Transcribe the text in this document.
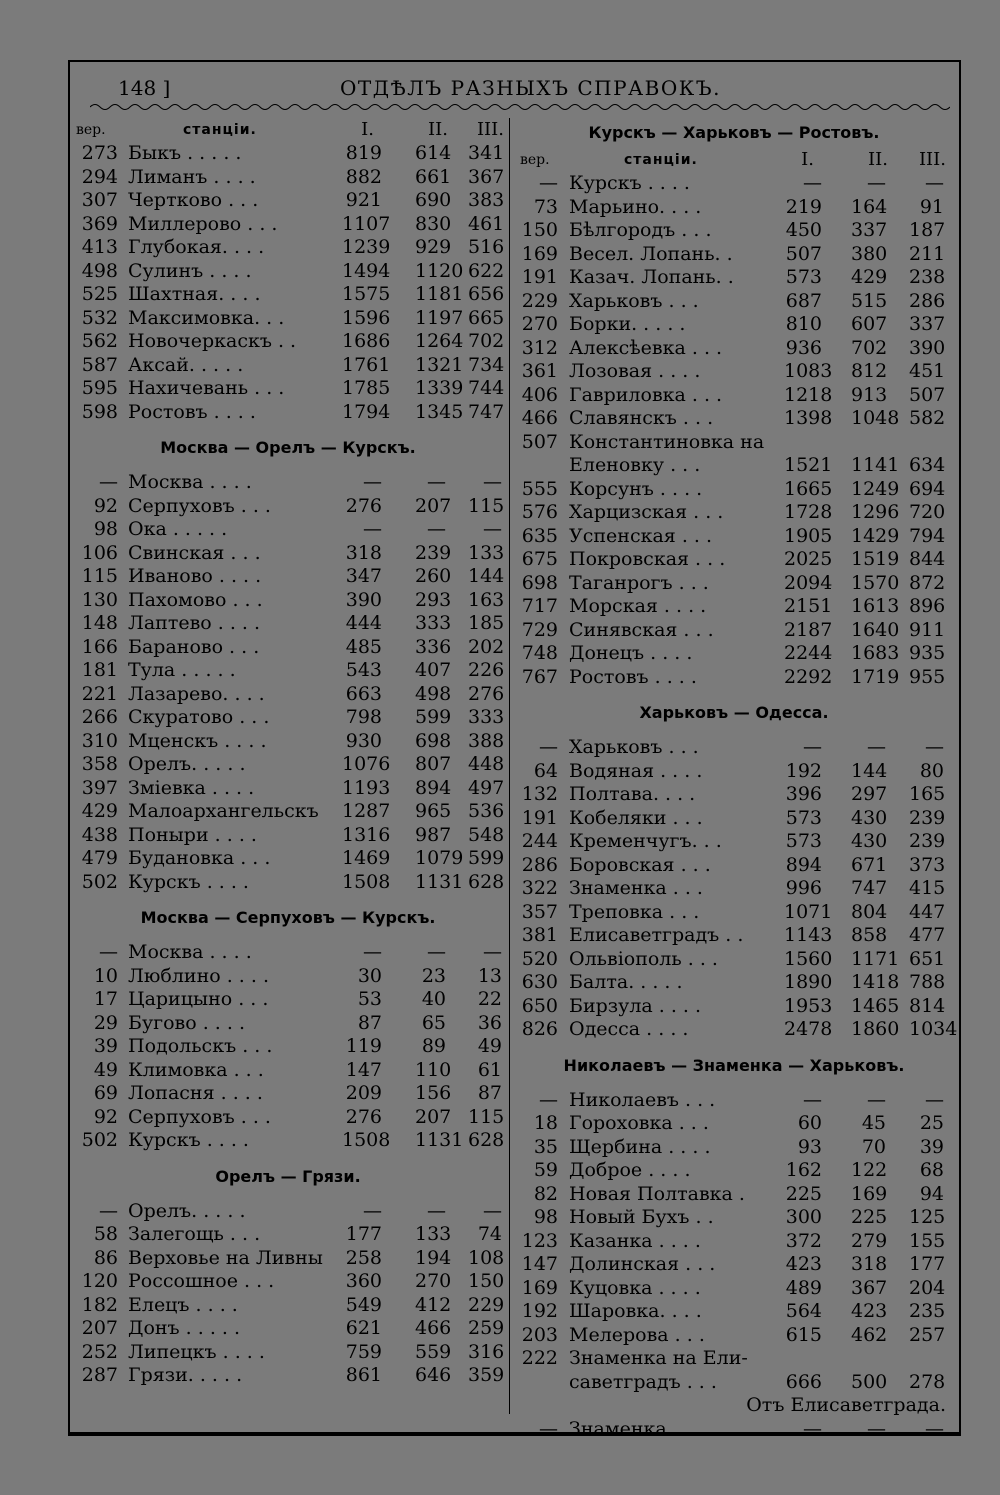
148 ]	ОТДѢЛЪ РАЗНЫХЪ СПРАВОКЪ.
вер.	станціи.	I.	II.	III.
273 Быкъ . . . . .	819 614 341
294 Лиманъ . . . .	882 661 367
307 Чертково . . .	921 690 383
369 Миллерово . . .	1107 830 461
413 Глубокая. . . .	1239 929 516
498 Сулинъ . . . .	1494 1120 622
525 Шахтная. . . .	1575 1181 656
532 Максимовка. . .	1596 1197 665
562 Новочеркаскъ . . 1686 1264 702
587 Аксай. . . . .	1761 1321 734
595 Нахичевань . . .	1785 1339 744
598 Ростовъ . . . .	1794 1345 747
Москва — Орелъ — Курскъ.
— Москва . . . .	—	—	—
92 Серпуховъ . . .	276 207 115
98 Ока . . . . .	—	—	—
106 Свинская . . .	318 239 133
115 Иваново . . . .	347 260 144
130 Пахомово . . .	390 293 163
148 Лаптево . . . .	444 333 185
166 Бараново . . .	485 336 202
181 Тула . . . . .	543 407 226
221 Лазарево. . . .	663 498 276
266 Скуратово . . .	798 599 333
310 Мценскъ . . . .	930 698 388
358 Орелъ. . . . .	1076 807 448
397 Зміевка . . . .	1193 894 497
429 Малоархангельскъ 1287 965 536
438 Поныри . . . .	1316 987 548
479 Будановка . . .	1469 1079 599
502 Курскъ . . . .	1508 1131 628
Москва — Серпуховъ — Курскъ.
— Москва . . . .	—	—	—
10 Люблино . . . .	30	23	13
17 Царицыно . . .	53	40	22
29 Бугово . . . .	87	65	36
39 Подольскъ . . .	119	89	49
49 Климовка . . .	147 110	61
69 Лопасня . . . .	209 156	87
92 Серпуховъ . . .	276 207 115
502 Курскъ . . . .	1508 1131 628
Орелъ — Грязи.
— Орелъ. . . . .	—	—	—
58 Залегощь . . .	177 133	74
86 Верховье на Ливны 258 194 108
120 Россошное . . .	360 270 150
182 Елецъ . . . .	549 412 229
207 Донъ . . . . .	621 466 259
252 Липецкъ . . . .	759 559 316
287 Грязи. . . . .	861 646 359
Курскъ — Харьковъ — Ростовъ.
вер.	станціи.	I.	II.	III.
— Курскъ . . . .	—	—	—
73 Марьино. . . .	219 164	91
150 Бѣлгородъ . . .	450 337 187
169 Весел. Лопань. .	507 380 211
191 Казач. Лопань. .	573 429 238
229 Харьковъ . . .	687 515 286
270 Борки. . . . .	810 607 337
312 Алексѣевка . . .	936 702 390
361 Лозовая . . . .	1083 812 451
406 Гавриловка . . .	1218 913 507
466 Славянскъ . . .	1398 1048 582
507 Константиновка на
Еленовку . . .	1521 1141 634
555 Корсунъ . . . .	1665 1249 694
576 Харцизская . . .	1728 1296 720
635 Успенская . . .	1905 1429 794
675 Покровская . . .	2025 1519 844
698 Таганрогъ . . .	2094 1570 872
717 Морская . . . .	2151 1613 896
729 Синявская . . .	2187 1640 911
748 Донецъ . . . .	2244 1683 935
767 Ростовъ . . . .	2292 1719 955
Харьковъ — Одесса.
— Харьковъ . . .	—	—	—
64 Водяная . . . .	192 144	80
132 Полтава. . . .	396 297 165
191 Кобеляки . . .	573 430 239
244 Кременчугъ. . .	573 430 239
286 Боровская . . .	894 671 373
322 Знаменка . . .	996 747 415
357 Треповка . . .	1071 804 447
381 Елисаветградъ . . 1143 858 477
520 Ольвіополь . . .	1560 1171 651
630 Балта. . . . .	1890 1418 788
650 Бирзула . . . .	1953 1465 814
826 Одесса . . . .	2478 1860 1034
Николаевъ — Знаменка — Харьковъ.
— Николаевъ . . .	—	—	—
18 Гороховка . . .	60	45	25
35 Щербина . . . .	93	70	39
59 Доброе . . . .	162 122	68
82 Новая Полтавка . 225 169	94
98 Новый Бухъ . .	300 225 125
123 Казанка . . . .	372 279 155
147 Долинская . . .	423 318 177
169 Куцовка . . . .	489 367 204
192 Шаровка. . . .	564 423 235
203 Мелерова . . .	615 462 257
222 Знаменка на Ели-
саветградъ . . .	666 500 278
Отъ Елисаветграда.
— Знаменка . . .	—	—	—
